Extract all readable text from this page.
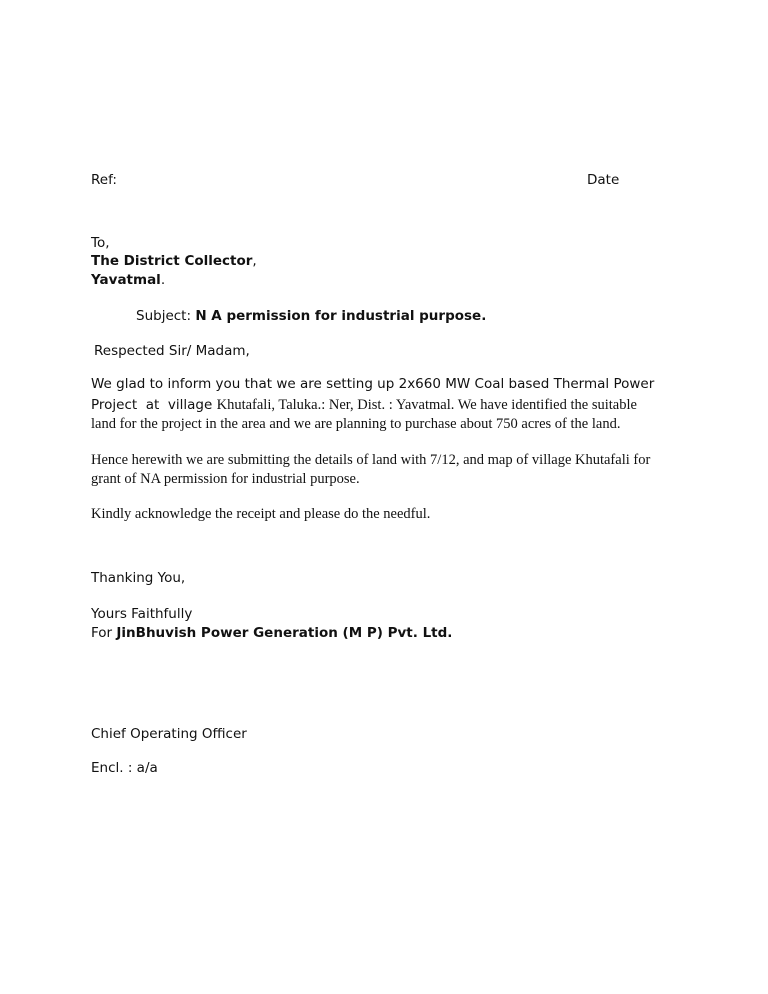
Ref:	Date
To,
The District Collector,
Yavatmal.
Subject: N A permission for industrial purpose.
Respected Sir/ Madam,
We glad to inform you that we are setting up 2x660 MW Coal based Thermal Power
Project  at  village Khutafali, Taluka.: Ner, Dist. : Yavatmal. We have identified the suitable
land for the project in the area and we are planning to purchase about 750 acres of the land.
Hence herewith we are submitting the details of land with 7/12, and map of village Khutafali for
grant of NA permission for industrial purpose.
Kindly acknowledge the receipt and please do the needful.
Thanking You,
Yours Faithfully
For JinBhuvish Power Generation (M P) Pvt. Ltd.
Chief Operating Officer
Encl. : a/a
